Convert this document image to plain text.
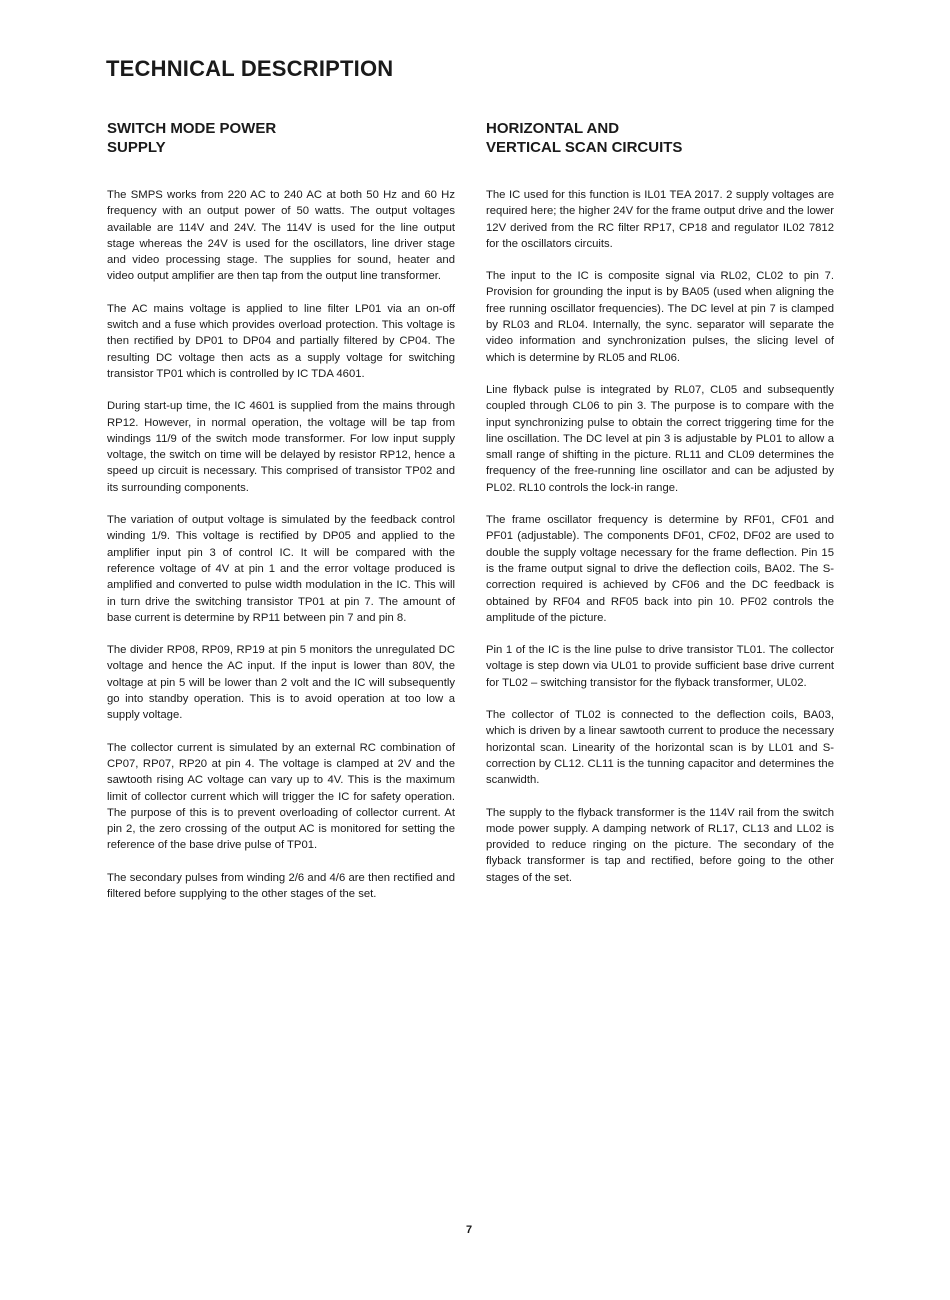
TECHNICAL DESCRIPTION
SWITCH MODE POWER
SUPPLY

The SMPS works from 220 AC to 240 AC at both 50 Hz and 60 Hz frequency with an output power of 50 watts. The output voltages available are 114V and 24V. The 114V is used for the line output stage whereas the 24V is used for the oscillators, line driver stage and video processing stage. The supplies for sound, heater and video output amplifier are then tap from the output line transformer.

The AC mains voltage is applied to line filter LP01 via an on-off switch and a fuse which provides overload protection. This voltage is then rectified by DP01 to DP04 and partially filtered by CP04. The resulting DC voltage then acts as a supply voltage for switching transistor TP01 which is controlled by IC TDA 4601.

During start-up time, the IC 4601 is supplied from the mains through RP12. However, in normal operation, the voltage will be tap from windings 11/9 of the switch mode transformer. For low input supply voltage, the switch on time will be delayed by resistor RP12, hence a speed up circuit is necessary. This comprised of transistor TP02 and its surrounding components.

The variation of output voltage is simulated by the feedback control winding 1/9. This voltage is rectified by DP05 and applied to the amplifier input pin 3 of control IC. It will be compared with the reference voltage of 4V at pin 1 and the error voltage produced is amplified and converted to pulse width modulation in the IC. This will in turn drive the switching transistor TP01 at pin 7. The amount of base current is determine by RP11 between pin 7 and pin 8.

The divider RP08, RP09, RP19 at pin 5 monitors the unregulated DC voltage and hence the AC input. If the input is lower than 80V, the voltage at pin 5 will be lower than 2 volt and the IC will subsequently go into standby operation. This is to avoid operation at too low a supply voltage.

The collector current is simulated by an external RC combination of CP07, RP07, RP20 at pin 4. The voltage is clamped at 2V and the sawtooth rising AC voltage can vary up to 4V. This is the maximum limit of collector current which will trigger the IC for safety operation. The purpose of this is to prevent overloading of collector current. At pin 2, the zero crossing of the output AC is monitored for setting the reference of the base drive pulse of TP01.

The secondary pulses from winding 2/6 and 4/6 are then rectified and filtered before supplying to the other stages of the set.

HORIZONTAL AND
VERTICAL SCAN CIRCUITS

The IC used for this function is IL01 TEA 2017. 2 supply voltages are required here; the higher 24V for the frame output drive and the lower 12V derived from the RC filter RP17, CP18 and regulator IL02 7812 for the oscillators circuits.

The input to the IC is composite signal via RL02, CL02 to pin 7. Provision for grounding the input is by BA05 (used when aligning the free running oscillator frequencies). The DC level at pin 7 is clamped by RL03 and RL04. Internally, the sync. separator will separate the video information and synchronization pulses, the slicing level of which is determine by RL05 and RL06.

Line flyback pulse is integrated by RL07, CL05 and subsequently coupled through CL06 to pin 3. The purpose is to compare with the input synchronizing pulse to obtain the correct triggering time for the line oscillation. The DC level at pin 3 is adjustable by PL01 to allow a small range of shifting in the picture. RL11 and CL09 determines the frequency of the free-running line oscillator and can be adjusted by PL02. RL10 controls the lock-in range.

The frame oscillator frequency is determine by RF01, CF01 and PF01 (adjustable). The components DF01, CF02, DF02 are used to double the supply voltage necessary for the frame deflection. Pin 15 is the frame output signal to drive the deflection coils, BA02. The S-correction required is achieved by CF06 and the DC feedback is obtained by RF04 and RF05 back into pin 10. PF02 controls the amplitude of the picture.

Pin 1 of the IC is the line pulse to drive transistor TL01. The collector voltage is step down via UL01 to provide sufficient base drive current for TL02 – switching transistor for the flyback transformer, UL02.

The collector of TL02 is connected to the deflection coils, BA03, which is driven by a linear sawtooth current to produce the necessary horizontal scan. Linearity of the horizontal scan is by LL01 and S-correction by CL12. CL11 is the tunning capacitor and determines the scanwidth.

The supply to the flyback transformer is the 114V rail from the switch mode power supply. A damping network of RL17, CL13 and LL02 is provided to reduce ringing on the picture. The secondary of the flyback transformer is tap and rectified, before going to the other stages of the set.

7
